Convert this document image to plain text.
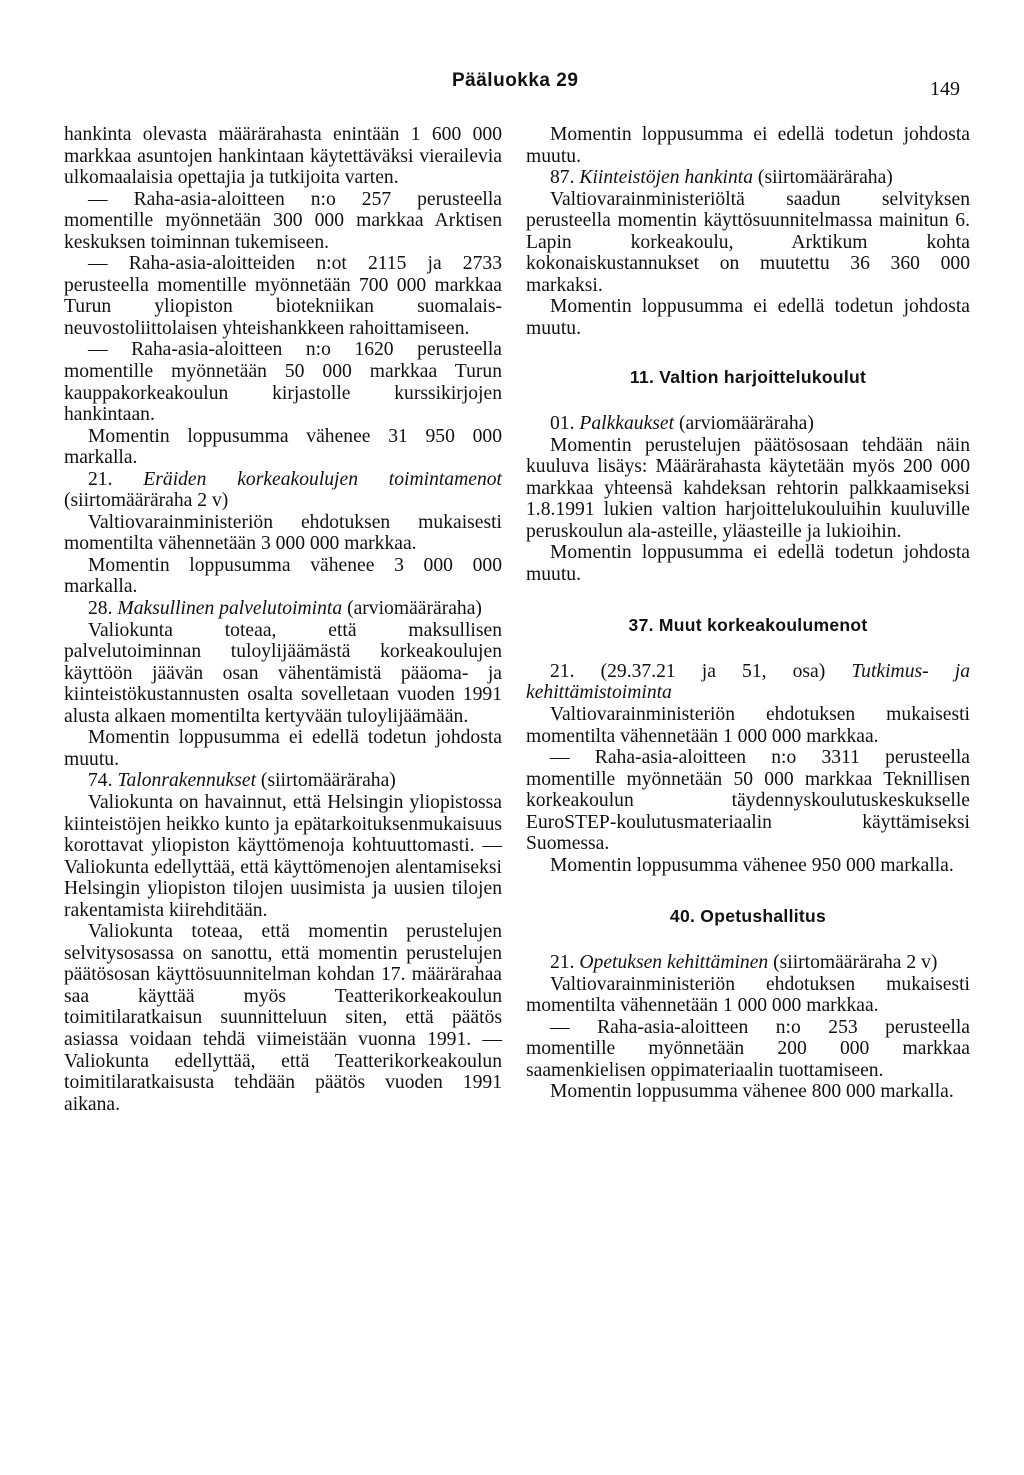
Pääluokka 29	149

hankinta olevasta määrärahasta enintään 1 600 000 markkaa asuntojen hankintaan käytettäväksi vierailevia ulkomaalaisia opettajia ja tutkijoita varten.

— Raha-asia-aloitteen n:o 257 perusteella momentille myönnetään 300 000 markkaa Arktisen keskuksen toiminnan tukemiseen.

— Raha-asia-aloitteiden n:ot 2115 ja 2733 perusteella momentille myönnetään 700 000 markkaa Turun yliopiston biotekniikan suomalais-neuvostoliittolaisen yhteishankkeen rahoittamiseen.

— Raha-asia-aloitteen n:o 1620 perusteella momentille myönnetään 50 000 markkaa Turun kauppakorkeakoulun kirjastolle kurssikirjojen hankintaan.

Momentin loppusumma vähenee 31 950 000 markalla.

21. Eräiden korkeakoulujen toimintamenot (siirtomääräraha 2 v)

Valtiovarainministeriön ehdotuksen mukaisesti momentilta vähennetään 3 000 000 markkaa.

Momentin loppusumma vähenee 3 000 000 markalla.

28. Maksullinen palvelutoiminta (arviomääräraha)

Valiokunta toteaa, että maksullisen palvelutoiminnan tuloylijäämästä korkeakoulujen käyttöön jäävän osan vähentämistä pääoma- ja kiinteistökustannusten osalta sovelletaan vuoden 1991 alusta alkaen momentilta kertyvään tuloylijäämään.

Momentin loppusumma ei edellä todetun johdosta muutu.

74. Talonrakennukset (siirtomääräraha)

Valiokunta on havainnut, että Helsingin yliopistossa kiinteistöjen heikko kunto ja epätarkoituksenmukaisuus korottavat yliopiston käyttömenoja kohtuuttomasti. — Valiokunta edellyttää, että käyttömenojen alentamiseksi Helsingin yliopiston tilojen uusimista ja uusien tilojen rakentamista kiirehditään.

Valiokunta toteaa, että momentin perustelujen selvitysosassa on sanottu, että momentin perustelujen päätösosan käyttösuunnitelman kohdan 17. määrärahaa saa käyttää myös Teatterikorkeakoulun toimitilaratkaisun suunnitteluun siten, että päätös asiassa voidaan tehdä viimeistään vuonna 1991. — Valiokunta edellyttää, että Teatterikorkeakoulun toimitilaratkaisusta tehdään päätös vuoden 1991 aikana.

Momentin loppusumma ei edellä todetun johdosta muutu.

87. Kiinteistöjen hankinta (siirtomääräraha)

Valtiovarainministeriöltä saadun selvityksen perusteella momentin käyttösuunnitelmassa mainitun 6. Lapin korkeakoulu, Arktikum kohta kokonaiskustannukset on muutettu 36 360 000 markaksi.

Momentin loppusumma ei edellä todetun johdosta muutu.

11. Valtion harjoittelukoulut

01. Palkkaukset (arviomääräraha)

Momentin perustelujen päätösosaan tehdään näin kuuluva lisäys: Määrärahasta käytetään myös 200 000 markkaa yhteensä kahdeksan rehtorin palkkaamiseksi 1.8.1991 lukien valtion harjoittelukouluihin kuuluville peruskoulun ala-asteille, yläasteille ja lukioihin.

Momentin loppusumma ei edellä todetun johdosta muutu.

37. Muut korkeakoulumenot

21. (29.37.21 ja 51, osa) Tutkimus- ja kehittämistoiminta

Valtiovarainministeriön ehdotuksen mukaisesti momentilta vähennetään 1 000 000 markkaa.

— Raha-asia-aloitteen n:o 3311 perusteella momentille myönnetään 50 000 markkaa Teknillisen korkeakoulun täydennyskoulutuskeskukselle EuroSTEP-koulutusmateriaalin käyttämiseksi Suomessa.

Momentin loppusumma vähenee 950 000 markalla.

40. Opetushallitus

21. Opetuksen kehittäminen (siirtomääräraha 2 v)

Valtiovarainministeriön ehdotuksen mukaisesti momentilta vähennetään 1 000 000 markkaa.

— Raha-asia-aloitteen n:o 253 perusteella momentille myönnetään 200 000 markkaa saamenkielisen oppimateriaalin tuottamiseen.

Momentin loppusumma vähenee 800 000 markalla.
